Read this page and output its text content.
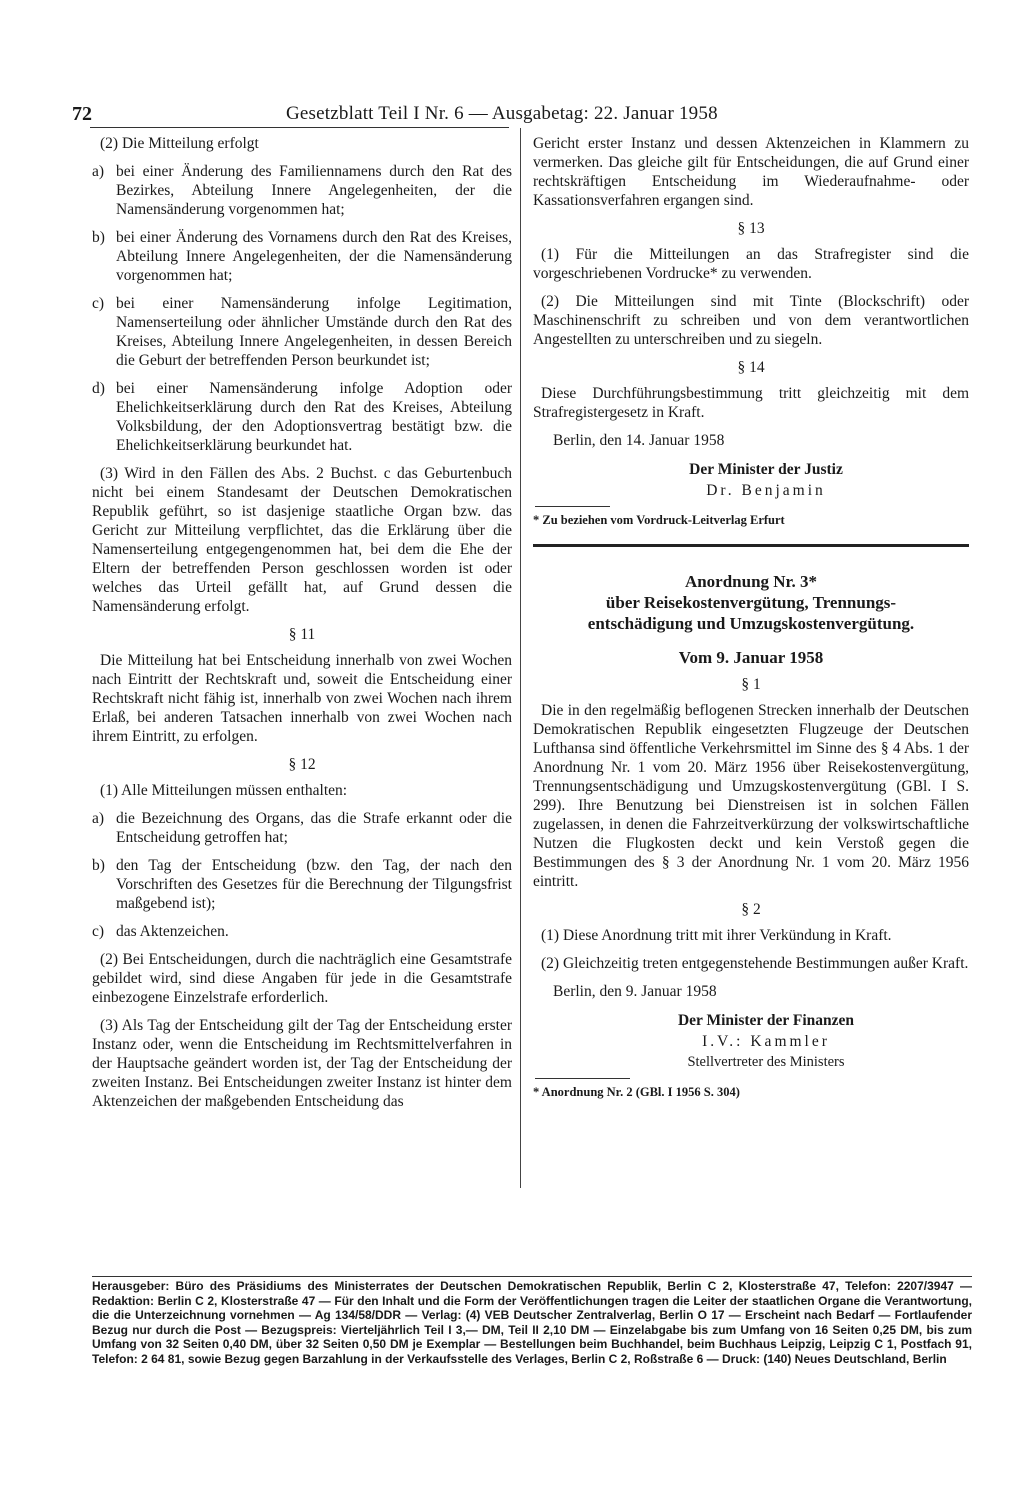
72	Gesetzblatt Teil I Nr. 6 — Ausgabetag: 22. Januar 1958

(2) Die Mitteilung erfolgt

a) bei einer Änderung des Familiennamens durch den Rat des Bezirkes, Abteilung Innere Angelegenheiten, der die Namensänderung vorgenommen hat;
b) bei einer Änderung des Vornamens durch den Rat des Kreises, Abteilung Innere Angelegenheiten, der die Namensänderung vorgenommen hat;
c) bei einer Namensänderung infolge Legitimation, Namenserteilung oder ähnlicher Umstände durch den Rat des Kreises, Abteilung Innere Angelegenheiten, in dessen Bereich die Geburt der betreffenden Person beurkundet ist;
d) bei einer Namensänderung infolge Adoption oder Ehelichkeitserklärung durch den Rat des Kreises, Abteilung Volksbildung, der den Adoptionsvertrag bestätigt bzw. die Ehelichkeitserklärung beurkundet hat.

(3) Wird in den Fällen des Abs. 2 Buchst. c das Geburtenbuch nicht bei einem Standesamt der Deutschen Demokratischen Republik geführt, so ist dasjenige staatliche Organ bzw. das Gericht zur Mitteilung verpflichtet, das die Erklärung über die Namenserteilung entgegengenommen hat, bei dem die Ehe der Eltern der betreffenden Person geschlossen worden ist oder welches das Urteil gefällt hat, auf Grund dessen die Namensänderung erfolgt.

§ 11

Die Mitteilung hat bei Entscheidung innerhalb von zwei Wochen nach Eintritt der Rechtskraft und, soweit die Entscheidung einer Rechtskraft nicht fähig ist, innerhalb von zwei Wochen nach ihrem Erlaß, bei anderen Tatsachen innerhalb von zwei Wochen nach ihrem Eintritt, zu erfolgen.

§ 12

(1) Alle Mitteilungen müssen enthalten:

a) die Bezeichnung des Organs, das die Strafe erkannt oder die Entscheidung getroffen hat;
b) den Tag der Entscheidung (bzw. den Tag, der nach den Vorschriften des Gesetzes für die Berechnung der Tilgungsfrist maßgebend ist);
c) das Aktenzeichen.

(2) Bei Entscheidungen, durch die nachträglich eine Gesamtstrafe gebildet wird, sind diese Angaben für jede in die Gesamtstrafe einbezogene Einzelstrafe erforderlich.

(3) Als Tag der Entscheidung gilt der Tag der Entscheidung erster Instanz oder, wenn die Entscheidung im Rechtsmittelverfahren in der Hauptsache geändert worden ist, der Tag der Entscheidung der zweiten Instanz. Bei Entscheidungen zweiter Instanz ist hinter dem Aktenzeichen der maßgebenden Entscheidung das

Gericht erster Instanz und dessen Aktenzeichen in Klammern zu vermerken. Das gleiche gilt für Entscheidungen, die auf Grund einer rechtskräftigen Entscheidung im Wiederaufnahme- oder Kassationsverfahren ergangen sind.

§ 13

(1) Für die Mitteilungen an das Strafregister sind die vorgeschriebenen Vordrucke* zu verwenden.

(2) Die Mitteilungen sind mit Tinte (Blockschrift) oder Maschinenschrift zu schreiben und von dem verantwortlichen Angestellten zu unterschreiben und zu siegeln.

§ 14

Diese Durchführungsbestimmung tritt gleichzeitig mit dem Strafregistergesetz in Kraft.

Berlin, den 14. Januar 1958
Der Minister der Justiz
Dr. Benjamin
* Zu beziehen vom Vordruck-Leitverlag Erfurt
Anordnung Nr. 3*
über Reisekostenvergütung, Trennungs-
entschädigung und Umzugskostenvergütung.
Vom 9. Januar 1958
§ 1

Die in den regelmäßig beflogenen Strecken innerhalb der Deutschen Demokratischen Republik eingesetzten Flugzeuge der Deutschen Lufthansa sind öffentliche Verkehrsmittel im Sinne des § 4 Abs. 1 der Anordnung Nr. 1 vom 20. März 1956 über Reisekostenvergütung, Trennungsentschädigung und Umzugskostenvergütung (GBl. I S. 299). Ihre Benutzung bei Dienstreisen ist in solchen Fällen zugelassen, in denen die Fahrzeitverkürzung der volkswirtschaftliche Nutzen die Flugkosten deckt und kein Verstoß gegen die Bestimmungen des § 3 der Anordnung Nr. 1 vom 20. März 1956 eintritt.

§ 2

(1) Diese Anordnung tritt mit ihrer Verkündung in Kraft.

(2) Gleichzeitig treten entgegenstehende Bestimmungen außer Kraft.

Berlin, den 9. Januar 1958
Der Minister der Finanzen
I.V.: Kammler
Stellvertreter des Ministers
* Anordnung Nr. 2 (GBl. I 1956 S. 304)
Herausgeber: Büro des Präsidiums des Ministerrates der Deutschen Demokratischen Republik, Berlin C 2, Klosterstraße 47, Telefon: 2207/3947 — Redaktion: Berlin C 2, Klosterstraße 47 — Für den Inhalt und die Form der Veröffentlichungen tragen die Leiter der staatlichen Organe die Verantwortung, die die Unterzeichnung vornehmen — Ag 134/58/DDR — Verlag: (4) VEB Deutscher Zentralverlag, Berlin O 17 — Erscheint nach Bedarf — Fortlaufender Bezug nur durch die Post — Bezugspreis: Vierteljährlich Teil I 3,— DM, Teil II 2,10 DM — Einzelabgabe bis zum Umfang von 16 Seiten 0,25 DM, bis zum Umfang von 32 Seiten 0,40 DM, über 32 Seiten 0,50 DM je Exemplar — Bestellungen beim Buchhandel, beim Buchhaus Leipzig, Leipzig C 1, Postfach 91, Telefon: 2 64 81, sowie Bezug gegen Barzahlung in der Verkaufsstelle des Verlages, Berlin C 2, Roßstraße 6 — Druck: (140) Neues Deutschland, Berlin
